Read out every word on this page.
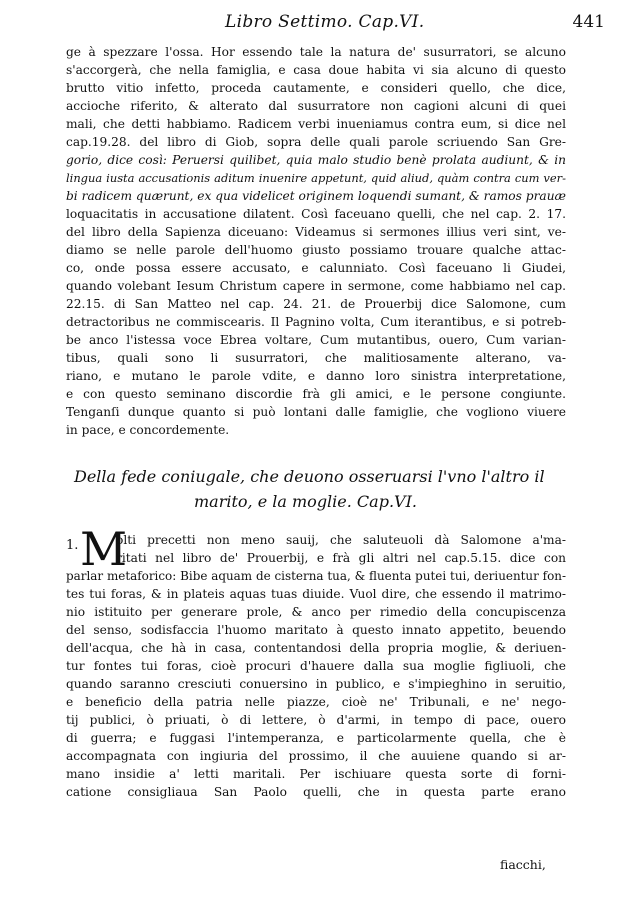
Libro Settimo. Cap.VI.	441
ge à spezzare l'ossa. Hor essendo tale la natura de' susurratori, se alcuno
s'accorgerà, che nella famiglia, e casa doue habita vi sia alcuno di questo
brutto vitio infetto, proceda cautamente, e consideri quello, che dice,
accioche riferito, & alterato dal susurratore non cagioni alcuni di quei
mali, che detti habbiamo. Radicem verbi inueniamus contra eum, si dice nel
cap.19.28. del libro di Giob, sopra delle quali parole scriuendo San Gre-
gorio, dice così: Peruersi quilibet, quia malo studio benè prolata audiunt, & in
lingua iusta accusationis aditum inuenire appetunt, quid aliud, quàm contra cum ver-
bi radicem quærunt, ex qua videlicet originem loquendi sumant, & ramos prauæ
loquacitatis in accusatione dilatent. Così faceuano quelli, che nel cap. 2. 17.
del libro della Sapienza diceuano: Videamus si sermones illius veri sint, ve-
diamo se nelle parole dell'huomo giusto possiamo trouare qualche attac-
co, onde possa essere accusato, e calunniato. Così faceuano li Giudei,
quando volebant Iesum Christum capere in sermone, come habbiamo nel cap.
22.15. di San Matteo nel cap. 24. 21. de Prouerbij dice Salomone, cum
detractoribus ne commiscearis. Il Pagnino volta, Cum iterantibus, e si potreb-
be anco l'istessa voce Ebrea voltare, Cum mutantibus, ouero, Cum varian-
tibus, quali sono li susurratori, che malitiosamente alterano, va-
riano, e mutano le parole vdite, e danno loro sinistra interpretatione,
e con questo seminano discordie frà gli amici, e le persone congiunte.
Tenganſi dunque quanto si può lontani dalle famiglie, che vogliono viuere
in pace, e concordemente.
Della fede coniugale, che deuono osseruarsi l'vno l'altro il
marito, e la moglie. Cap.VI.
1. M
olti precetti non meno sauij, che saluteuoli dà Salomone a'ma-
ritati nel libro de' Prouerbij, e frà gli altri nel cap.5.15. dice con
parlar metaforico: Bibe aquam de cisterna tua, & fluenta putei tui, deriuentur fon-
tes tui foras, & in plateis aquas tuas diuide. Vuol dire, che essendo il matrimo-
nio istituito per generare prole, & anco per rimedio della concupiscenza
del senso, sodisfaccia l'huomo maritato à questo innato appetito, beuendo
dell'acqua, che hà in casa, contentandosi della propria moglie, & deriuen-
tur fontes tui foras, cioè procuri d'hauere dalla sua moglie figliuoli, che
quando saranno cresciuti conuersino in publico, e s'impieghino in seruitio,
e beneficio della patria nelle piazze, cioè ne' Tribunali, e ne' nego-
tij publici, ò priuati, ò di lettere, ò d'armi, in tempo di pace, ouero
di guerra; e fuggasi l'intemperanza, e particolarmente quella, che è
accompagnata con ingiuria del prossimo, il che auuiene quando si ar-
mano insidie a' letti maritali. Per ischiuare questa sorte di forni-
catione consigliaua San Paolo quelli, che in questa parte erano
fiacchi,
